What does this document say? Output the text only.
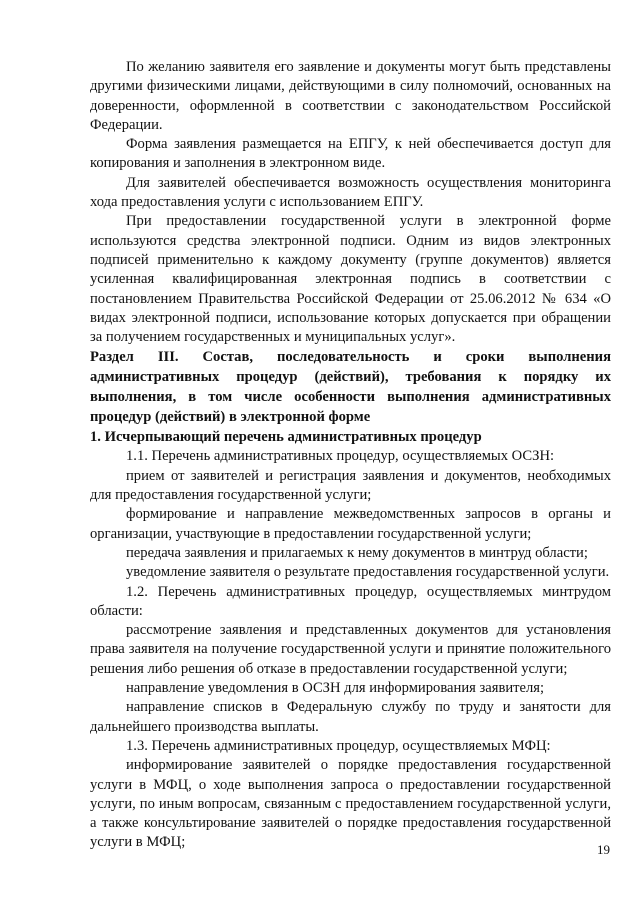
По желанию заявителя его заявление и документы могут быть представлены другими физическими лицами, действующими в силу полномочий, основанных на доверенности, оформленной в соответствии с законодательством Российской Федерации.

Форма заявления размещается на ЕПГУ, к ней обеспечивается доступ для копирования и заполнения в электронном виде.

Для заявителей обеспечивается возможность осуществления мониторинга хода предоставления услуги с использованием ЕПГУ.

При предоставлении государственной услуги в электронной форме используются средства электронной подписи. Одним из видов электронных подписей применительно к каждому документу (группе документов) является усиленная квалифицированная электронная подпись в соответствии с постановлением Правительства Российской Федерации от 25.06.2012 № 634 «О видах электронной подписи, использование которых допускается при обращении за получением государственных и муниципальных услуг».

Раздел III. Состав, последовательность и сроки выполнения административных процедур (действий), требования к порядку их выполнения, в том числе особенности выполнения административных процедур (действий) в электронной форме

1. Исчерпывающий перечень административных процедур

1.1. Перечень административных процедур, осуществляемых ОСЗН:

прием от заявителей и регистрация заявления и документов, необходимых для предоставления государственной услуги;

формирование и направление межведомственных запросов в органы и организации, участвующие в предоставлении государственной услуги;

передача заявления и прилагаемых к нему документов в минтруд области;

уведомление заявителя о результате предоставления государственной услуги.

1.2. Перечень административных процедур, осуществляемых минтрудом области:

рассмотрение заявления и представленных документов для установления права заявителя на получение государственной услуги и принятие положительного решения либо решения об отказе в предоставлении государственной услуги;

направление уведомления в ОСЗН для информирования заявителя;

направление списков в Федеральную службу по труду и занятости для дальнейшего производства выплаты.

1.3. Перечень административных процедур, осуществляемых МФЦ:

информирование заявителей о порядке предоставления государственной услуги в МФЦ, о ходе выполнения запроса о предоставлении государственной услуги, по иным вопросам, связанным с предоставлением государственной услуги, а также консультирование заявителей о порядке предоставления государственной услуги в МФЦ;	19
